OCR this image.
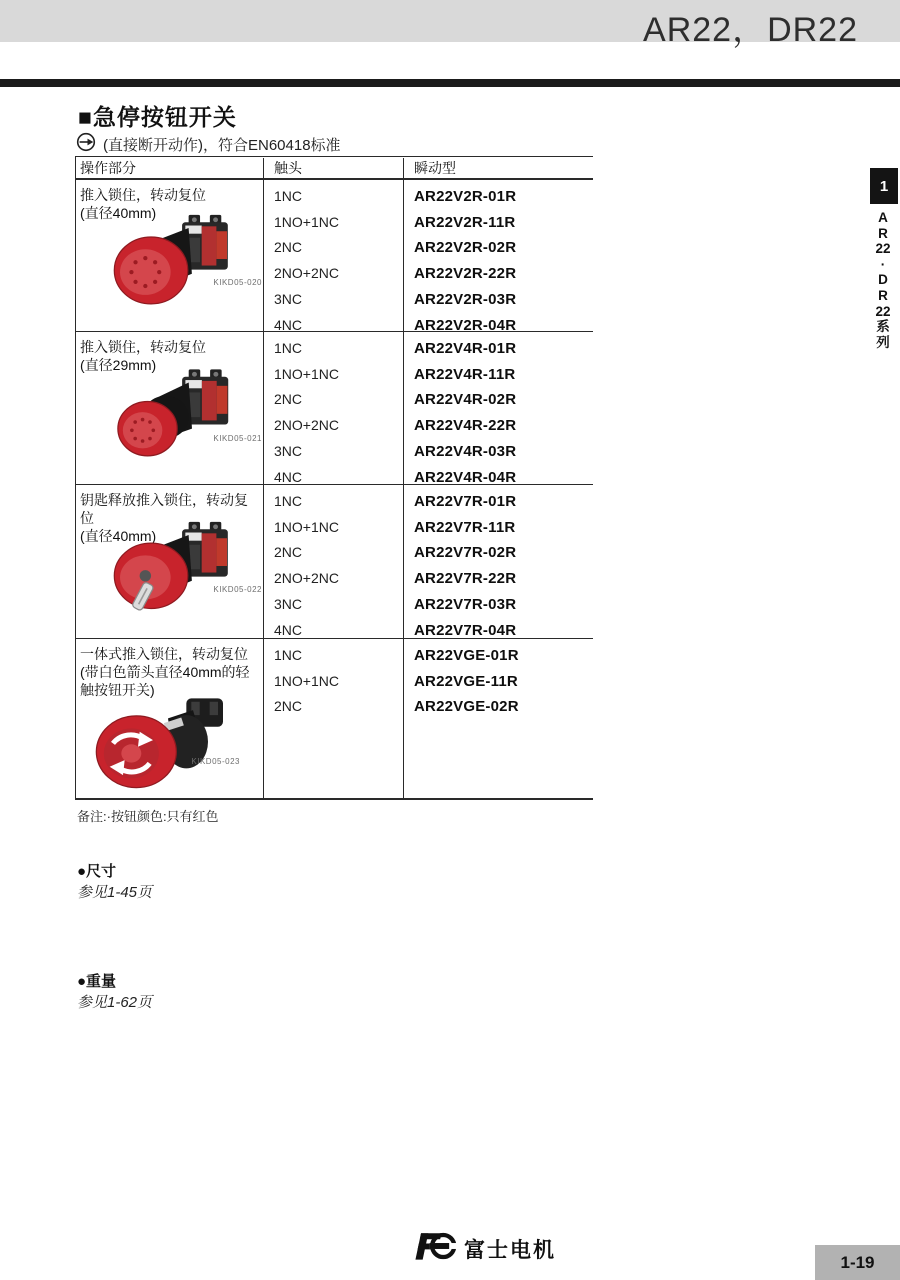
AR22，DR22
■急停按钮开关
(直接断开动作)，符合EN60418标准
操作部分	触头	瞬动型
推入锁住，转动复位
(直径40mm)
KIKD05-020
1NC
1NO+1NC
2NC
2NO+2NC
3NC
4NC
AR22V2R-01R
AR22V2R-11R
AR22V2R-02R
AR22V2R-22R
AR22V2R-03R
AR22V2R-04R
推入锁住，转动复位
(直径29mm)
KIKD05-021
1NC
1NO+1NC
2NC
2NO+2NC
3NC
4NC
AR22V4R-01R
AR22V4R-11R
AR22V4R-02R
AR22V4R-22R
AR22V4R-03R
AR22V4R-04R
钥匙释放推入锁住，转动复位
(直径40mm)
KIKD05-022
1NC
1NO+1NC
2NC
2NO+2NC
3NC
4NC
AR22V7R-01R
AR22V7R-11R
AR22V7R-02R
AR22V7R-22R
AR22V7R-03R
AR22V7R-04R
一体式推入锁住，转动复位
(带白色箭头直径40mm的轻触按钮开关)
KIKD05-023
1NC
1NO+1NC
2NC
AR22VGE-01R
AR22VGE-11R
AR22VGE-02R
备注:·按钮颜色:只有红色
●尺寸
参见1-45页
●重量
参见1-62页
1
A
R
22
·
D
R
22
系
列
富士电机
1-19
